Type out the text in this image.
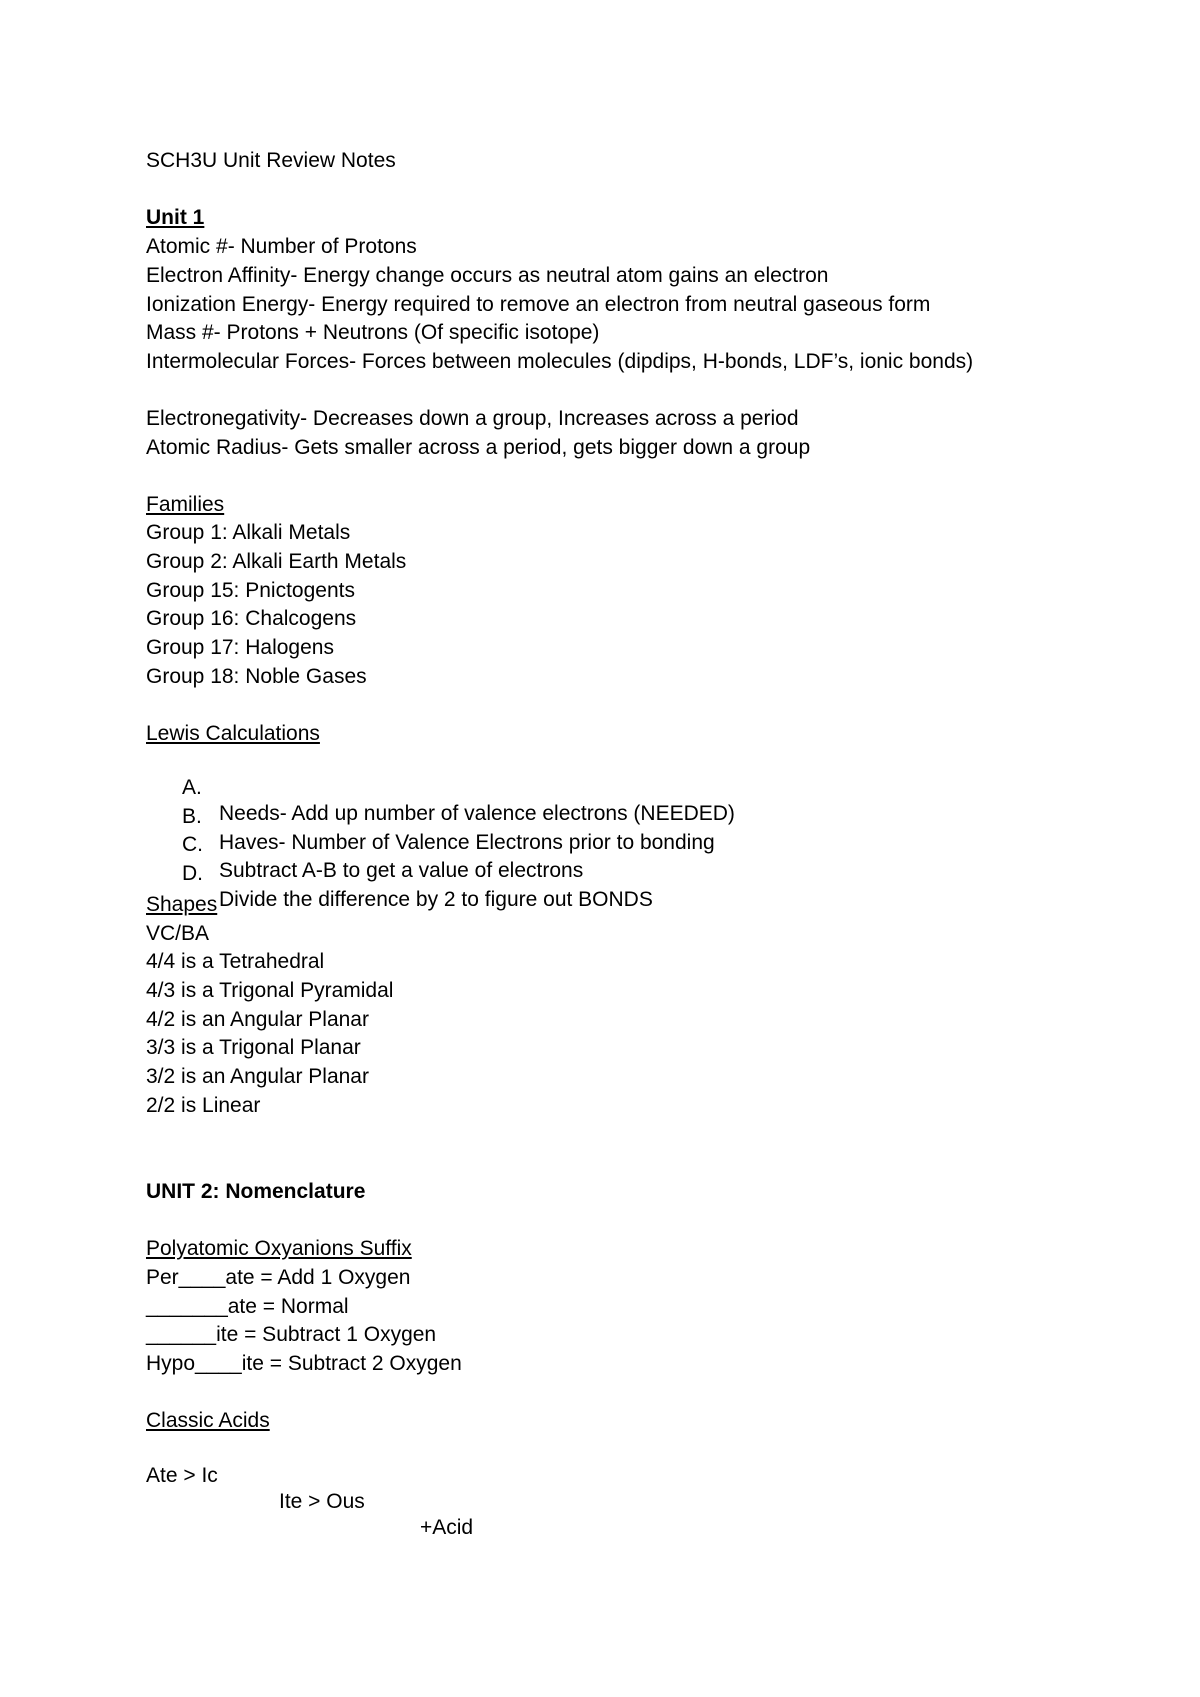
SCH3U Unit Review Notes
Unit 1
Atomic #- Number of Protons
Electron Affinity- Energy change occurs as neutral atom gains an electron
Ionization Energy- Energy required to remove an electron from neutral gaseous form
Mass #- Protons + Neutrons (Of specific isotope)
Intermolecular Forces- Forces between molecules (dipdips, H-bonds, LDF’s, ionic bonds)
Electronegativity- Decreases down a group, Increases across a period
Atomic Radius- Gets smaller across a period, gets bigger down a group
Families
Group 1: Alkali Metals
Group 2: Alkali Earth Metals
Group 15: Pnictogents
Group 16: Chalcogens
Group 17: Halogens
Group 18: Noble Gases
Lewis Calculations

A.

Needs- Add up number of valence electrons (NEEDED)

B.

Haves- Number of Valence Electrons prior to bonding

C.

Subtract A-B to get a value of electrons

D.

Divide the difference by 2 to figure out BONDS

Shapes
VC/BA
4/4 is a Tetrahedral
4/3 is a Trigonal Pyramidal
4/2 is an Angular Planar
3/3 is a Trigonal Planar
3/2 is an Angular Planar
2/2 is Linear
UNIT 2: Nomenclature
Polyatomic Oxyanions Suffix
Per____ate = Add 1 Oxygen
_______ate = Normal
______ite = Subtract 1 Oxygen
Hypo____ite = Subtract 2 Oxygen
Classic Acids

Ate > Ic

Ite > Ous

+Acid
